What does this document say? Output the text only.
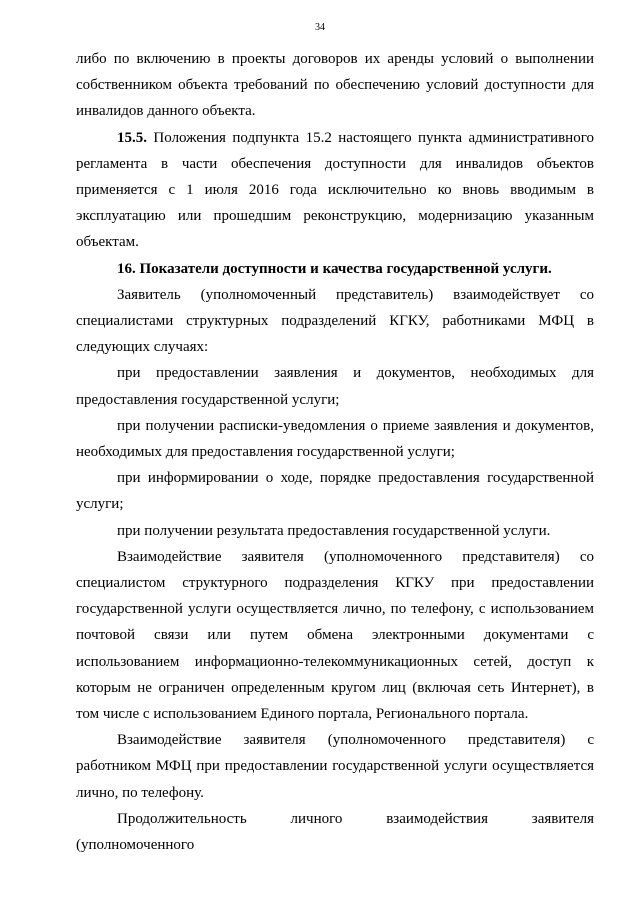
34

либо по включению в проекты договоров их аренды условий о выполнении собственником объекта требований по обеспечению условий доступности для инвалидов данного объекта.

15.5. Положения подпункта 15.2 настоящего пункта административного регламента в части обеспечения доступности для инвалидов объектов применяется с 1 июля 2016 года исключительно ко вновь вводимым в эксплуатацию или прошедшим реконструкцию, модернизацию указанным объектам.

16. Показатели доступности и качества государственной услуги.

Заявитель (уполномоченный представитель) взаимодействует со специалистами структурных подразделений КГКУ, работниками МФЦ в следующих случаях:

при предоставлении заявления и документов, необходимых для предоставления государственной услуги;

при получении расписки-уведомления о приеме заявления и документов, необходимых для предоставления государственной услуги;

при информировании о ходе, порядке предоставления государственной услуги;

при получении результата предоставления государственной услуги.

Взаимодействие заявителя (уполномоченного представителя) со специалистом структурного подразделения КГКУ при предоставлении государственной услуги осуществляется лично, по телефону, с использованием почтовой связи или путем обмена электронными документами с использованием информационно-телекоммуникационных сетей, доступ к которым не ограничен определенным кругом лиц (включая сеть Интернет), в том числе с использованием Единого портала, Регионального портала.

Взаимодействие заявителя (уполномоченного представителя) с работником МФЦ при предоставлении государственной услуги осуществляется лично, по телефону.

Продолжительность личного взаимодействия заявителя (уполномоченного
